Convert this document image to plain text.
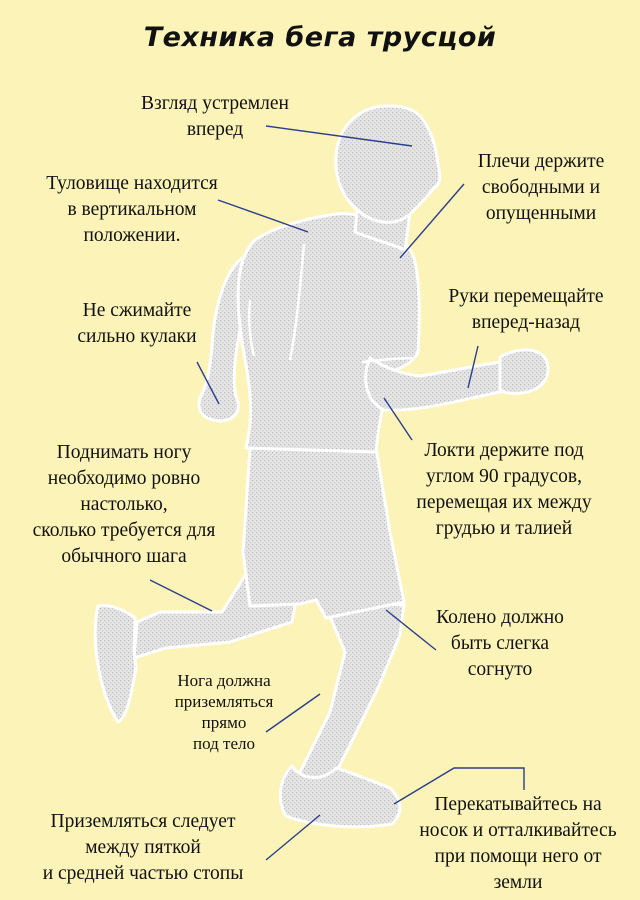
Техника бега трусцой
Взгляд устремлен
вперед
Плечи держите
свободными и
опущенными
Туловище находится
в вертикальном
положении.
Руки перемещайте
вперед-назад
Не сжимайте
сильно кулаки
Локти держите под
углом 90 градусов,
перемещая их между
грудью и талией
Поднимать ногу
необходимо ровно
настолько,
сколько требуется для
обычного шага
Колено должно
быть слегка
согнуто
Нога должна
приземляться
прямо
под тело
Перекатывайтесь на
носок и отталкивайтесь
при помощи него от
земли
Приземляться следует
между пяткой
и средней частью стопы
